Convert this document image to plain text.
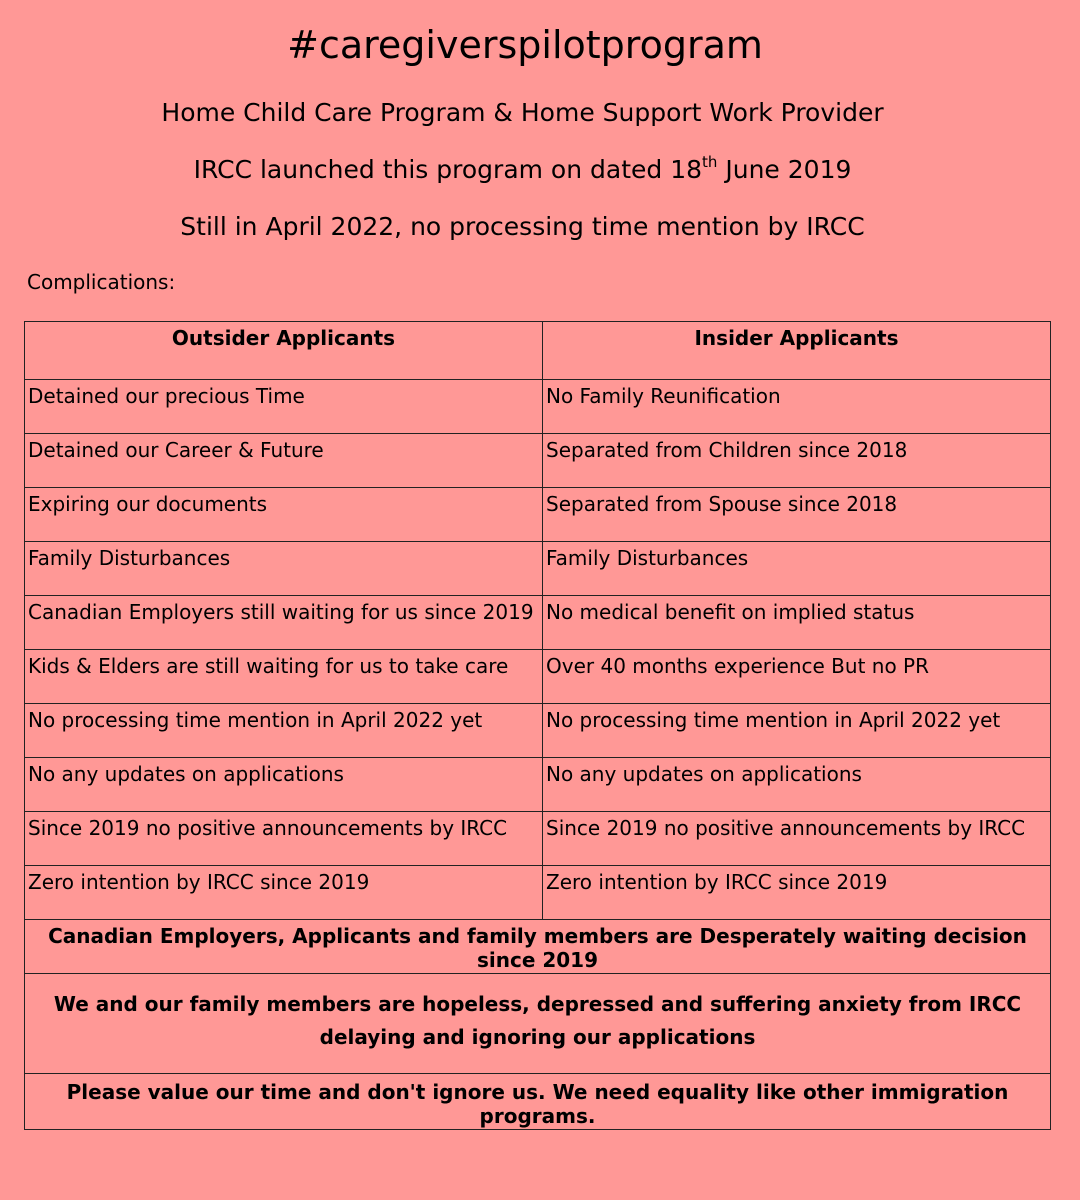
#caregiverspilotprogram
Home Child Care Program & Home Support Work Provider
IRCC launched this program on dated 18th June 2019
Still in April 2022, no processing time mention by IRCC
Complications:
Outsider Applicants	Insider Applicants
Detained our precious Time	No Family Reunification
Detained our Career & Future	Separated from Children since 2018
Expiring our documents	Separated from Spouse since 2018
Family Disturbances	Family Disturbances
Canadian Employers still waiting for us since 2019	No medical benefit on implied status
Kids & Elders are still waiting for us to take care	Over 40 months experience But no PR
No processing time mention in April 2022 yet	No processing time mention in April 2022 yet
No any updates on applications	No any updates on applications
Since 2019 no positive announcements by IRCC	Since 2019 no positive announcements by IRCC
Zero intention by IRCC since 2019	Zero intention by IRCC since 2019
Canadian Employers, Applicants and family members are Desperately waiting decision since 2019	
We and our family members are hopeless, depressed and suffering anxiety from IRCC delaying and ignoring our applications	
Please value our time and don't ignore us. We need equality like other immigration programs.	
